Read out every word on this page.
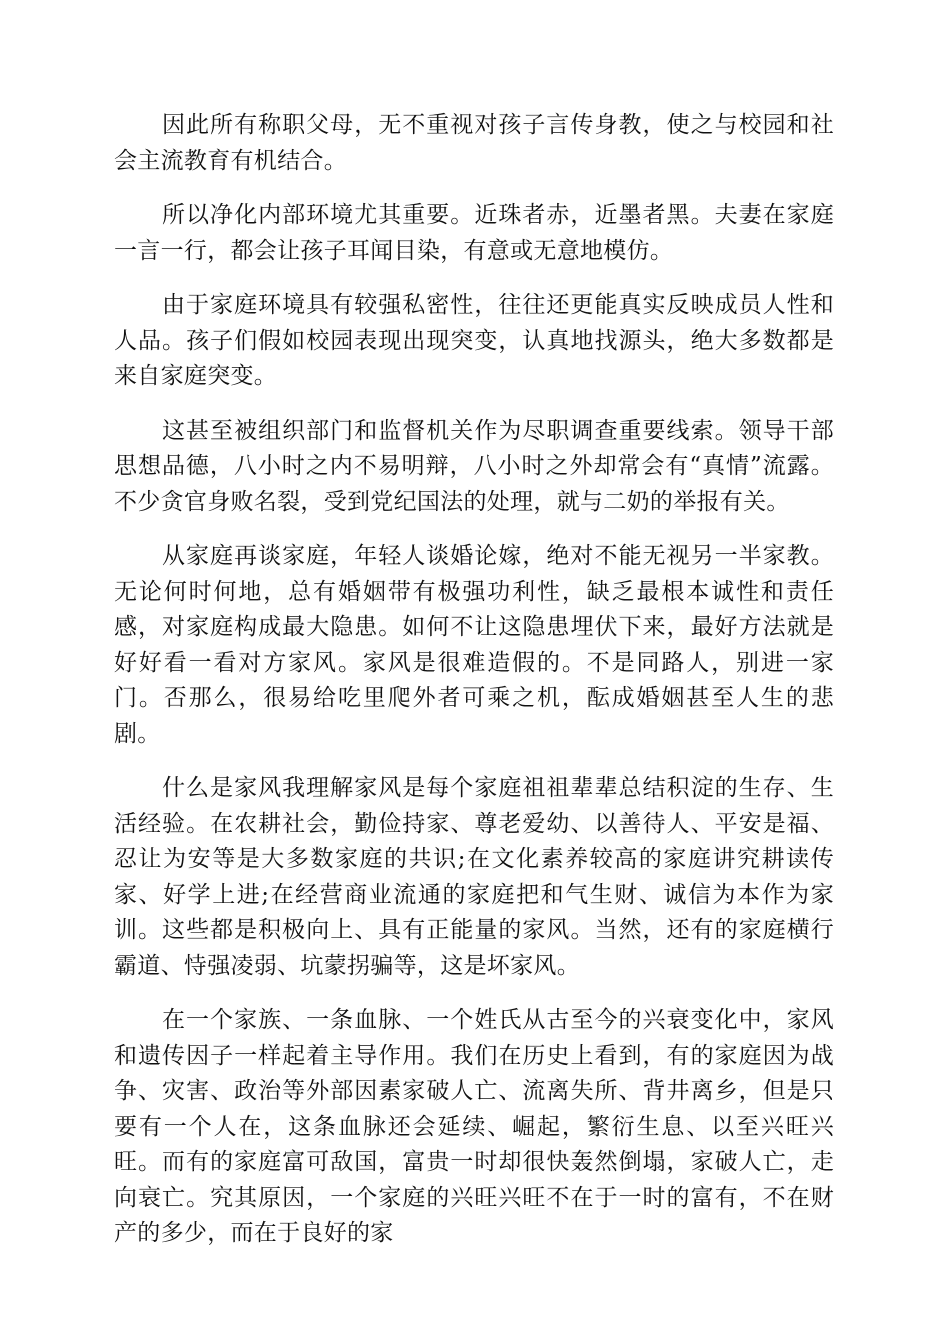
因此所有称职父母，无不重视对孩子言传身教，使之与校园和社会主流教育有机结合。

所以净化内部环境尤其重要。近珠者赤，近墨者黑。夫妻在家庭一言一行，都会让孩子耳闻目染，有意或无意地模仿。

由于家庭环境具有较强私密性，往往还更能真实反映成员人性和人品。孩子们假如校园表现出现突变，认真地找源头，绝大多数都是来自家庭突变。

这甚至被组织部门和监督机关作为尽职调查重要线索。领导干部思想品德，八小时之内不易明辩，八小时之外却常会有“真情”流露。不少贪官身败名裂，受到党纪国法的处理，就与二奶的举报有关。

从家庭再谈家庭，年轻人谈婚论嫁，绝对不能无视另一半家教。无论何时何地，总有婚姻带有极强功利性，缺乏最根本诚性和责任感，对家庭构成最大隐患。如何不让这隐患埋伏下来，最好方法就是好好看一看对方家风。家风是很难造假的。不是同路人，别进一家门。否那么，很易给吃里爬外者可乘之机，酝成婚姻甚至人生的悲剧。

什么是家风我理解家风是每个家庭祖祖辈辈总结积淀的生存、生活经验。在农耕社会，勤俭持家、尊老爱幼、以善待人、平安是福、忍让为安等是大多数家庭的共识;在文化素养较高的家庭讲究耕读传家、好学上进;在经营商业流通的家庭把和气生财、诚信为本作为家训。这些都是积极向上、具有正能量的家风。当然，还有的家庭横行霸道、恃强凌弱、坑蒙拐骗等，这是坏家风。

在一个家族、一条血脉、一个姓氏从古至今的兴衰变化中，家风和遗传因子一样起着主导作用。我们在历史上看到，有的家庭因为战争、灾害、政治等外部因素家破人亡、流离失所、背井离乡，但是只要有一个人在，这条血脉还会延续、崛起，繁衍生息、以至兴旺兴旺。而有的家庭富可敌国，富贵一时却很快轰然倒塌，家破人亡，走向衰亡。究其原因，一个家庭的兴旺兴旺不在于一时的富有，不在财产的多少，而在于良好的家
